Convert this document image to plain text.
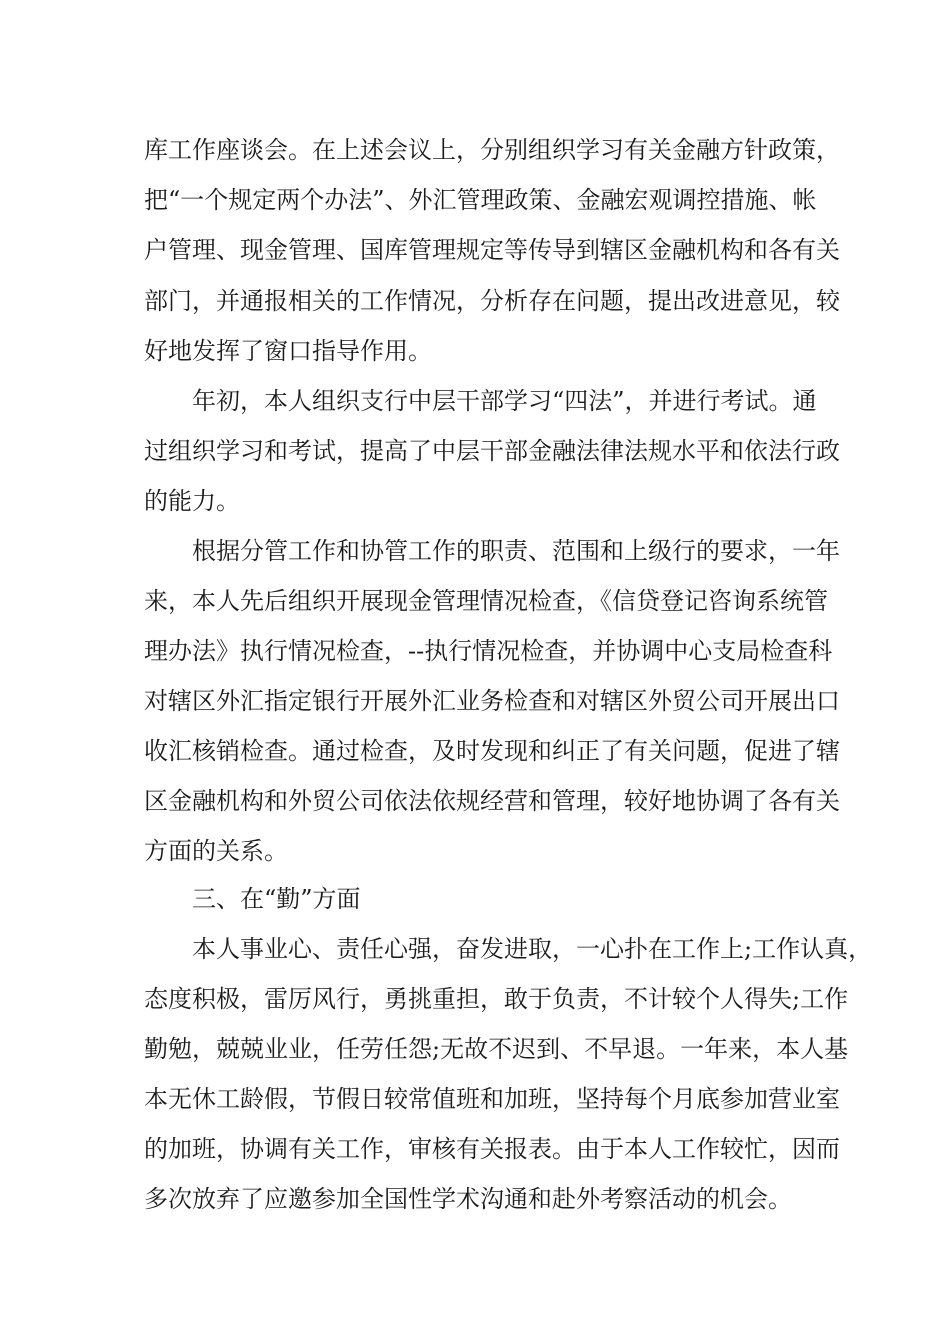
库工作座谈会。在上述会议上，分别组织学习有关金融方针政策，
把“一个规定两个办法”、外汇管理政策、金融宏观调控措施、帐
户管理、现金管理、国库管理规定等传导到辖区金融机构和各有关
部门，并通报相关的工作情况，分析存在问题，提出改进意见，较
好地发挥了窗口指导作用。
年初，本人组织支行中层干部学习“四法”，并进行考试。通
过组织学习和考试，提高了中层干部金融法律法规水平和依法行政
的能力。
根据分管工作和协管工作的职责、范围和上级行的要求，一年
来，本人先后组织开展现金管理情况检查，《信贷登记咨询系统管
理办法》执行情况检查，--执行情况检查，并协调中心支局检查科
对辖区外汇指定银行开展外汇业务检查和对辖区外贸公司开展出口
收汇核销检查。通过检查，及时发现和纠正了有关问题，促进了辖
区金融机构和外贸公司依法依规经营和管理，较好地协调了各有关
方面的关系。
三、在“勤”方面
本人事业心、责任心强，奋发进取，一心扑在工作上;工作认真，
态度积极，雷厉风行，勇挑重担，敢于负责，不计较个人得失;工作
勤勉，兢兢业业，任劳任怨;无故不迟到、不早退。一年来，本人基
本无休工龄假，节假日较常值班和加班，坚持每个月底参加营业室
的加班，协调有关工作，审核有关报表。由于本人工作较忙，因而
多次放弃了应邀参加全国性学术沟通和赴外考察活动的机会。
